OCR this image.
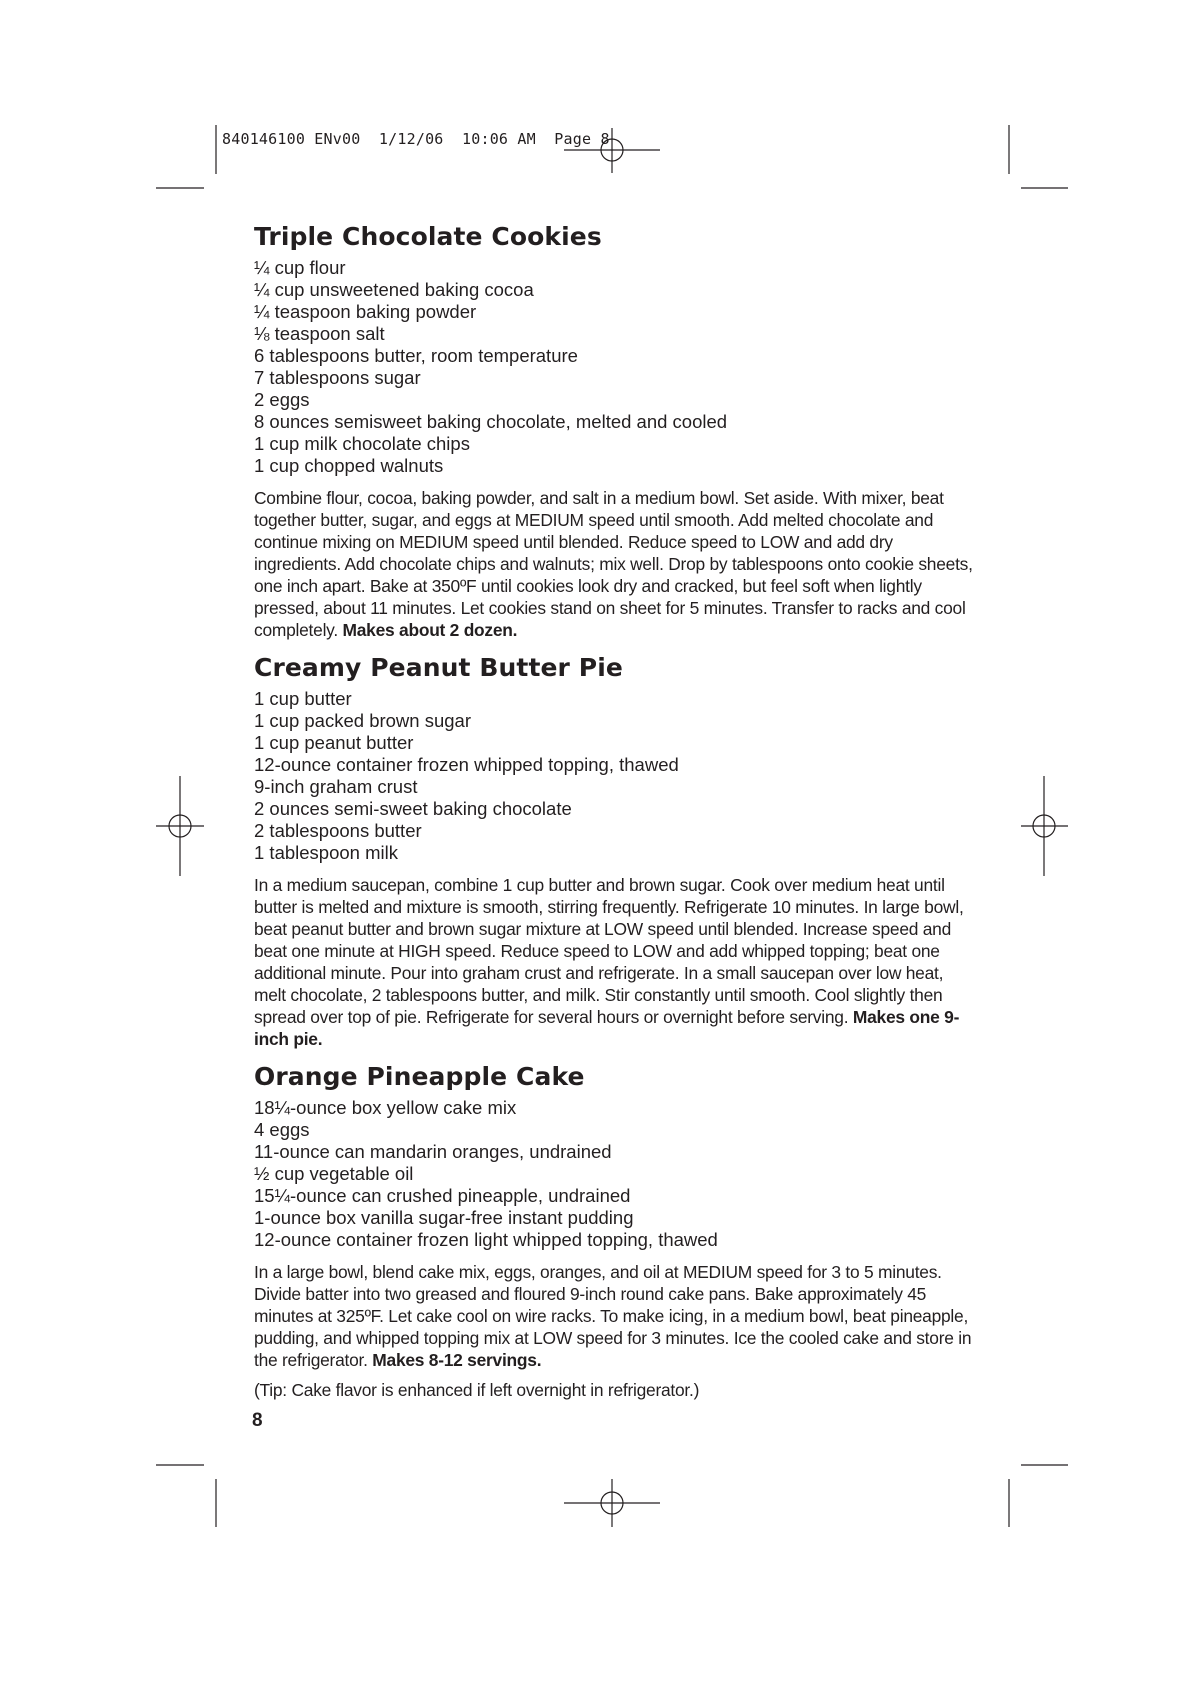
840146100 ENv00  1/12/06  10:06 AM  Page 8
Triple Chocolate Cookies
¼ cup flour
¼ cup unsweetened baking cocoa
¼ teaspoon baking powder
⅛ teaspoon salt
6 tablespoons butter, room temperature
7 tablespoons sugar
2 eggs
8 ounces semisweet baking chocolate, melted and cooled
1 cup milk chocolate chips
1 cup chopped walnuts

Combine flour, cocoa, baking powder, and salt in a medium bowl. Set aside. With mixer, beat together butter, sugar, and eggs at MEDIUM speed until smooth. Add melted chocolate and continue mixing on MEDIUM speed until blended. Reduce speed to LOW and add dry ingredients. Add chocolate chips and walnuts; mix well. Drop by tablespoons onto cookie sheets, one inch apart. Bake at 350ºF until cookies look dry and cracked, but feel soft when lightly pressed, about 11 minutes. Let cookies stand on sheet for 5 minutes. Transfer to racks and cool completely. Makes about 2 dozen.

Creamy Peanut Butter Pie
1 cup butter
1 cup packed brown sugar
1 cup peanut butter
12-ounce container frozen whipped topping, thawed
9-inch graham crust
2 ounces semi-sweet baking chocolate
2 tablespoons butter
1 tablespoon milk

In a medium saucepan, combine 1 cup butter and brown sugar. Cook over medium heat until butter is melted and mixture is smooth, stirring frequently. Refrigerate 10 minutes. In large bowl, beat peanut butter and brown sugar mixture at LOW speed until blended. Increase speed and beat one minute at HIGH speed. Reduce speed to LOW and add whipped topping; beat one additional minute. Pour into graham crust and refrigerate. In a small saucepan over low heat, melt chocolate, 2 tablespoons butter, and milk. Stir constantly until smooth. Cool slightly then spread over top of pie. Refrigerate for several hours or overnight before serving. Makes one 9-inch pie.

Orange Pineapple Cake
18¼-ounce box yellow cake mix
4 eggs
11-ounce can mandarin oranges, undrained
½ cup vegetable oil
15¼-ounce can crushed pineapple, undrained
1-ounce box vanilla sugar-free instant pudding
12-ounce container frozen light whipped topping, thawed

In a large bowl, blend cake mix, eggs, oranges, and oil at MEDIUM speed for 3 to 5 minutes. Divide batter into two greased and floured 9-inch round cake pans. Bake approximately 45 minutes at 325ºF. Let cake cool on wire racks. To make icing, in a medium bowl, beat pineapple, pudding, and whipped topping mix at LOW speed for 3 minutes. Ice the cooled cake and store in the refrigerator. Makes 8-12 servings.

(Tip: Cake flavor is enhanced if left overnight in refrigerator.)

8
